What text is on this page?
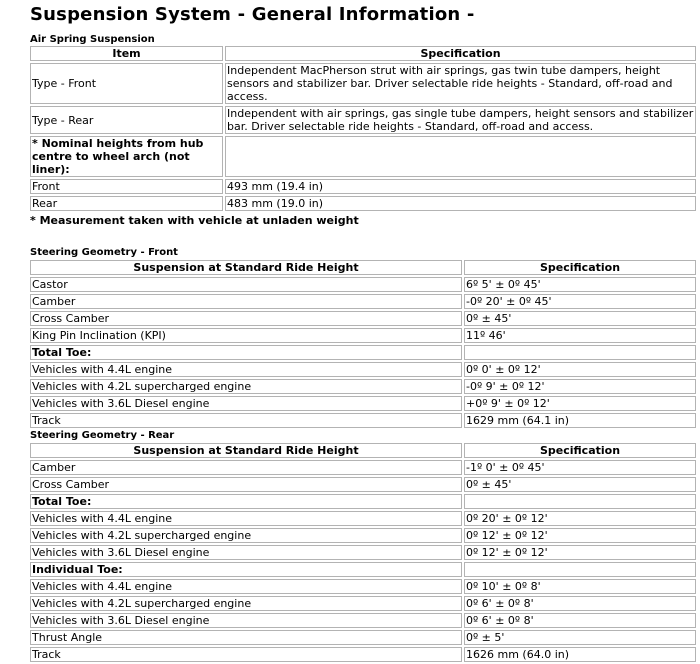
Suspension System - General Information -
Air Spring Suspension
Item	Specification
Type - Front	Independent MacPherson strut with air springs, gas twin tube dampers, height sensors and stabilizer bar. Driver selectable ride heights - Standard, off-road and access.
Type - Rear	Independent with air springs, gas single tube dampers, height sensors and stabilizer bar. Driver selectable ride heights - Standard, off-road and access.
* Nominal heights from hub centre to wheel arch (not liner):	
Front	493 mm (19.4 in)
Rear	483 mm (19.0 in)
* Measurement taken with vehicle at unladen weight
Steering Geometry - Front
Suspension at Standard Ride Height	Specification
Castor	6º 5' ± 0º 45'
Camber	-0º 20' ± 0º 45'
Cross Camber	0º ± 45'
King Pin Inclination (KPI)	11º 46'
Total Toe:	
Vehicles with 4.4L engine	0º 0' ± 0º 12'
Vehicles with 4.2L supercharged engine	-0º 9' ± 0º 12'
Vehicles with 3.6L Diesel engine	+0º 9' ± 0º 12'
Track	1629 mm (64.1 in)
Steering Geometry - Rear
Suspension at Standard Ride Height	Specification
Camber	-1º 0' ± 0º 45'
Cross Camber	0º ± 45'
Total Toe:	
Vehicles with 4.4L engine	0º 20' ± 0º 12'
Vehicles with 4.2L supercharged engine	0º 12' ± 0º 12'
Vehicles with 3.6L Diesel engine	0º 12' ± 0º 12'
Individual Toe:	
Vehicles with 4.4L engine	0º 10' ± 0º 8'
Vehicles with 4.2L supercharged engine	0º 6' ± 0º 8'
Vehicles with 3.6L Diesel engine	0º 6' ± 0º 8'
Thrust Angle	0º ± 5'
Track	1626 mm (64.0 in)
